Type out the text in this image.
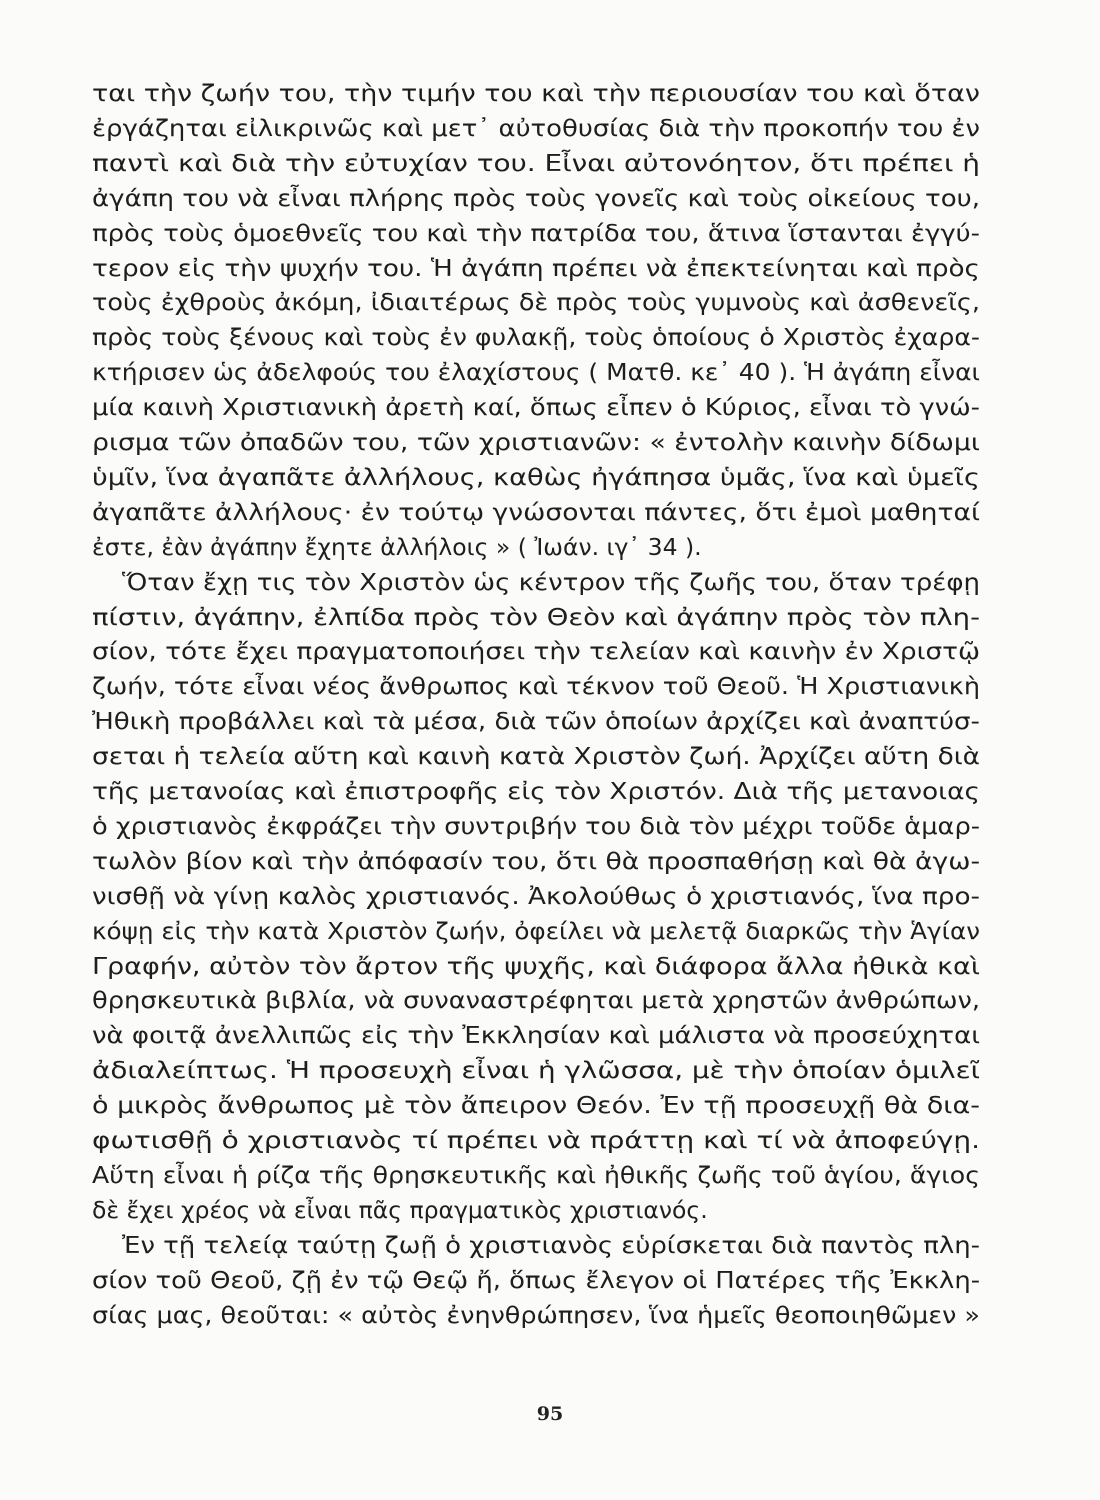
ται τὴν ζωήν του, τὴν τιμήν του καὶ τὴν περιουσίαν του καὶ ὅταν
ἐργάζηται εἰλικρινῶς καὶ μετ᾽ αὐτοθυσίας διὰ τὴν προκοπήν του ἐν
παντὶ καὶ διὰ τὴν εὐτυχίαν του. Εἶναι αὐτονόητον, ὅτι πρέπει ἡ
ἀγάπη του νὰ εἶναι πλήρης πρὸς τοὺς γονεῖς καὶ τοὺς οἰκείους του,
πρὸς τοὺς ὁμοεθνεῖς του καὶ τὴν πατρίδα του, ἅτινα ἵστανται ἐγγύ-
τερον εἰς τὴν ψυχήν του. Ἡ ἀγάπη πρέπει νὰ ἐπεκτείνηται καὶ πρὸς
τοὺς ἐχθροὺς ἀκόμη, ἰδιαιτέρως δὲ πρὸς τοὺς γυμνοὺς καὶ ἀσθενεῖς,
πρὸς τοὺς ξένους καὶ τοὺς ἐν φυλακῇ, τοὺς ὁποίους ὁ Χριστὸς ἐχαρα-
κτήρισεν ὡς ἀδελφούς του ἐλαχίστους ( Ματθ. κε᾽ 40 ). Ἡ ἀγάπη εἶναι
μία καινὴ Χριστιανικὴ ἀρετὴ καί, ὅπως εἶπεν ὁ Κύριος, εἶναι τὸ γνώ-
ρισμα τῶν ὀπαδῶν του, τῶν χριστιανῶν: « ἐντολὴν καινὴν δίδωμι
ὑμῖν, ἵνα ἀγαπᾶτε ἀλλήλους, καθὼς ἠγάπησα ὑμᾶς, ἵνα καὶ ὑμεῖς
ἀγαπᾶτε ἀλλήλους· ἐν τούτῳ γνώσονται πάντες, ὅτι ἐμοὶ μαθηταί
ἐστε, ἐὰν ἀγάπην ἔχητε ἀλλήλοις » ( Ἰωάν. ιγ᾽ 34 ).
Ὅταν ἔχῃ τις τὸν Χριστὸν ὡς κέντρον τῆς ζωῆς του, ὅταν τρέφῃ
πίστιν, ἀγάπην, ἐλπίδα πρὸς τὸν Θεὸν καὶ ἀγάπην πρὸς τὸν πλη-
σίον, τότε ἔχει πραγματοποιήσει τὴν τελείαν καὶ καινὴν ἐν Χριστῷ
ζωήν, τότε εἶναι νέος ἄνθρωπος καὶ τέκνον τοῦ Θεοῦ. Ἡ Χριστιανικὴ
Ἠθικὴ προβάλλει καὶ τὰ μέσα, διὰ τῶν ὁποίων ἀρχίζει καὶ ἀναπτύσ-
σεται ἡ τελεία αὕτη καὶ καινὴ κατὰ Χριστὸν ζωή. Ἀρχίζει αὕτη διὰ
τῆς μετανοίας καὶ ἐπιστροφῆς εἰς τὸν Χριστόν. Διὰ τῆς μετανοιας
ὁ χριστιανὸς ἐκφράζει τὴν συντριβήν του διὰ τὸν μέχρι τοῦδε ἁμαρ-
τωλὸν βίον καὶ τὴν ἀπόφασίν του, ὅτι θὰ προσπαθήσῃ καὶ θὰ ἀγω-
νισθῇ νὰ γίνῃ καλὸς χριστιανός. Ἀκολούθως ὁ χριστιανός, ἵνα προ-
κόψῃ εἰς τὴν κατὰ Χριστὸν ζωήν, ὀφείλει νὰ μελετᾷ διαρκῶς τὴν Ἁγίαν
Γραφήν, αὐτὸν τὸν ἄρτον τῆς ψυχῆς, καὶ διάφορα ἄλλα ἠθικὰ καὶ
θρησκευτικὰ βιβλία, νὰ συναναστρέφηται μετὰ χρηστῶν ἀνθρώπων,
νὰ φοιτᾷ ἀνελλιπῶς εἰς τὴν Ἐκκλησίαν καὶ μάλιστα νὰ προσεύχηται
ἀδιαλείπτως. Ἡ προσευχὴ εἶναι ἡ γλῶσσα, μὲ τὴν ὁποίαν ὁμιλεῖ
ὁ μικρὸς ἄνθρωπος μὲ τὸν ἄπειρον Θεόν. Ἐν τῇ προσευχῇ θὰ δια-
φωτισθῇ ὁ χριστιανὸς τί πρέπει νὰ πράττῃ καὶ τί νὰ ἀποφεύγῃ.
Αὕτη εἶναι ἡ ρίζα τῆς θρησκευτικῆς καὶ ἠθικῆς ζωῆς τοῦ ἁγίου, ἅγιος
δὲ ἔχει χρέος νὰ εἶναι πᾶς πραγματικὸς χριστιανός.
Ἐν τῇ τελείᾳ ταύτῃ ζωῇ ὁ χριστιανὸς εὑρίσκεται διὰ παντὸς πλη-
σίον τοῦ Θεοῦ, ζῇ ἐν τῷ Θεῷ ἤ, ὅπως ἔλεγον οἱ Πατέρες τῆς Ἐκκλη-
σίας μας, θεοῦται: « αὐτὸς ἐνηνθρώπησεν, ἵνα ἡμεῖς θεοποιηθῶμεν »
95
